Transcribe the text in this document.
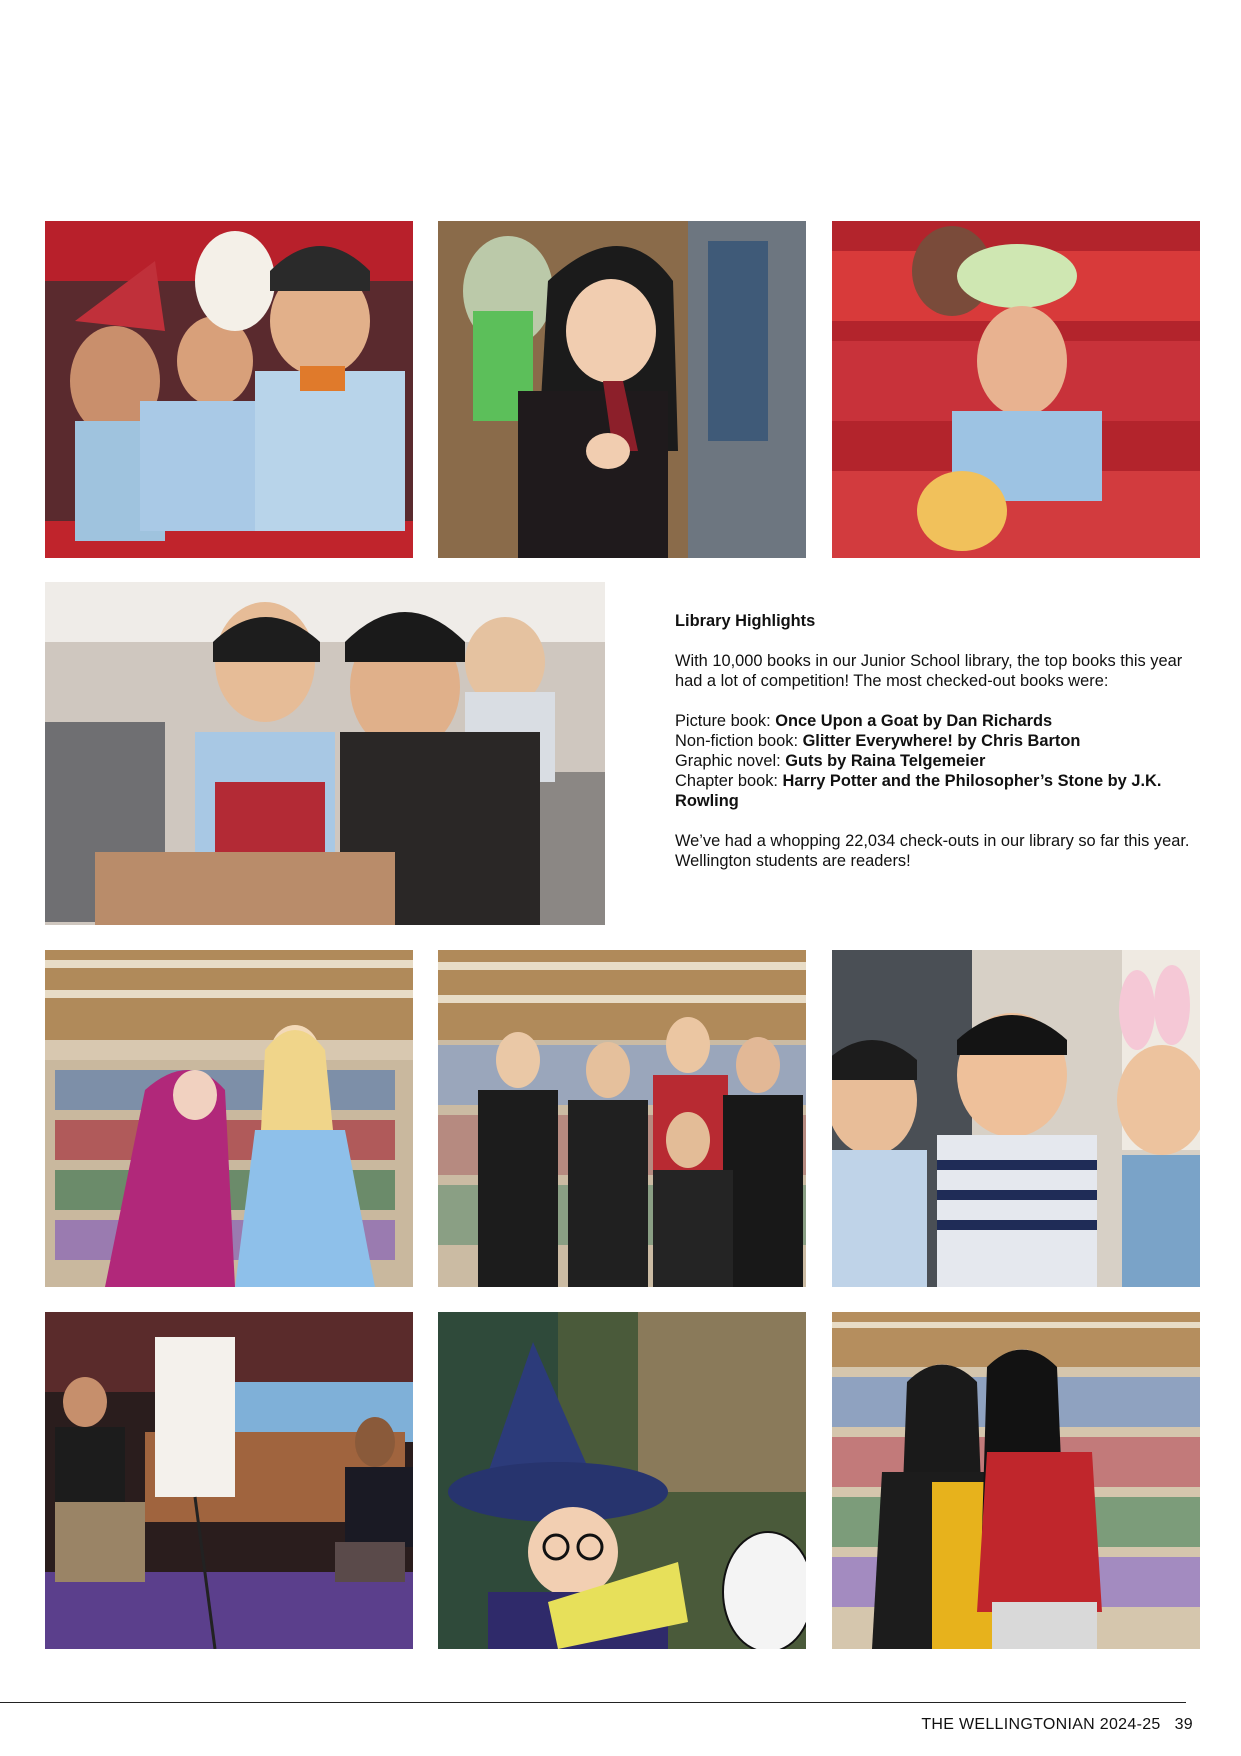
Library Highlights

With 10,000 books in our Junior School library, the top books this year had a lot of competition! The most checked-out books were:

Picture book: Once Upon a Goat by Dan Richards
Non-fiction book: Glitter Everywhere! by Chris Barton
Graphic novel: Guts by Raina Telgemeier
Chapter book: Harry Potter and the Philosopher’s Stone by J.K. Rowling

We’ve had a whopping 22,034 check-outs in our library so far this year. Wellington students are readers!

THE WELLINGTONIAN 2024-25 39
